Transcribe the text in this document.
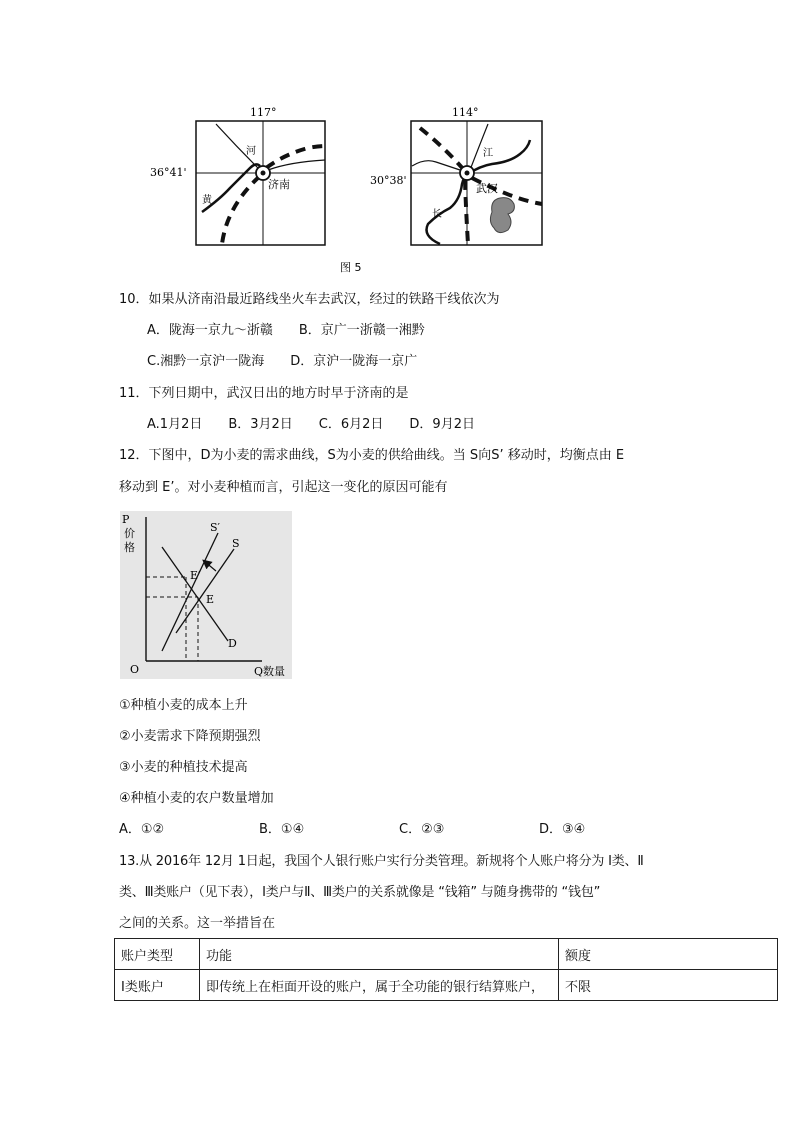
117°
36°41'
济南
河
黄
114°
30°38'
武汉
江
长
图 5
10．如果从济南沿最近路线坐火车去武汉，经过的铁路干线依次为
A．陇海一京九～浙赣　　B．京广一浙赣一湘黔
C.湘黔一京沪一陇海　　D．京沪一陇海一京广
11．下列日期中，武汉日出的地方时早于济南的是
A.1月2日　　B．3月2日　　C．6月2日　　D．9月2日
12．下图中，D为小麦的需求曲线，S为小麦的供给曲线。当 S向S’ 移动时，均衡点由 E
移动到 E’。对小麦种植而言，引起这一变化的原因可能有
P
价
格
O	Q数量
S′
S
E′
E
D
①种植小麦的成本上升
②小麦需求下降预期强烈
③小麦的种植技术提高
④种植小麦的农户数量增加
A．①②	B．①④	C．②③	D．③④
13.从 2016年 12月 1日起，我国个人银行账户实行分类管理。新规将个人账户将分为 Ⅰ类、Ⅱ
类、Ⅲ类账户（见下表），Ⅰ类户与Ⅱ、Ⅲ类户的关系就像是 “钱箱” 与随身携带的 “钱包”
之间的关系。这一举措旨在
账户类型	功能	额度
Ⅰ类账户	即传统上在柜面开设的账户，属于全功能的银行结算账户，	不限
